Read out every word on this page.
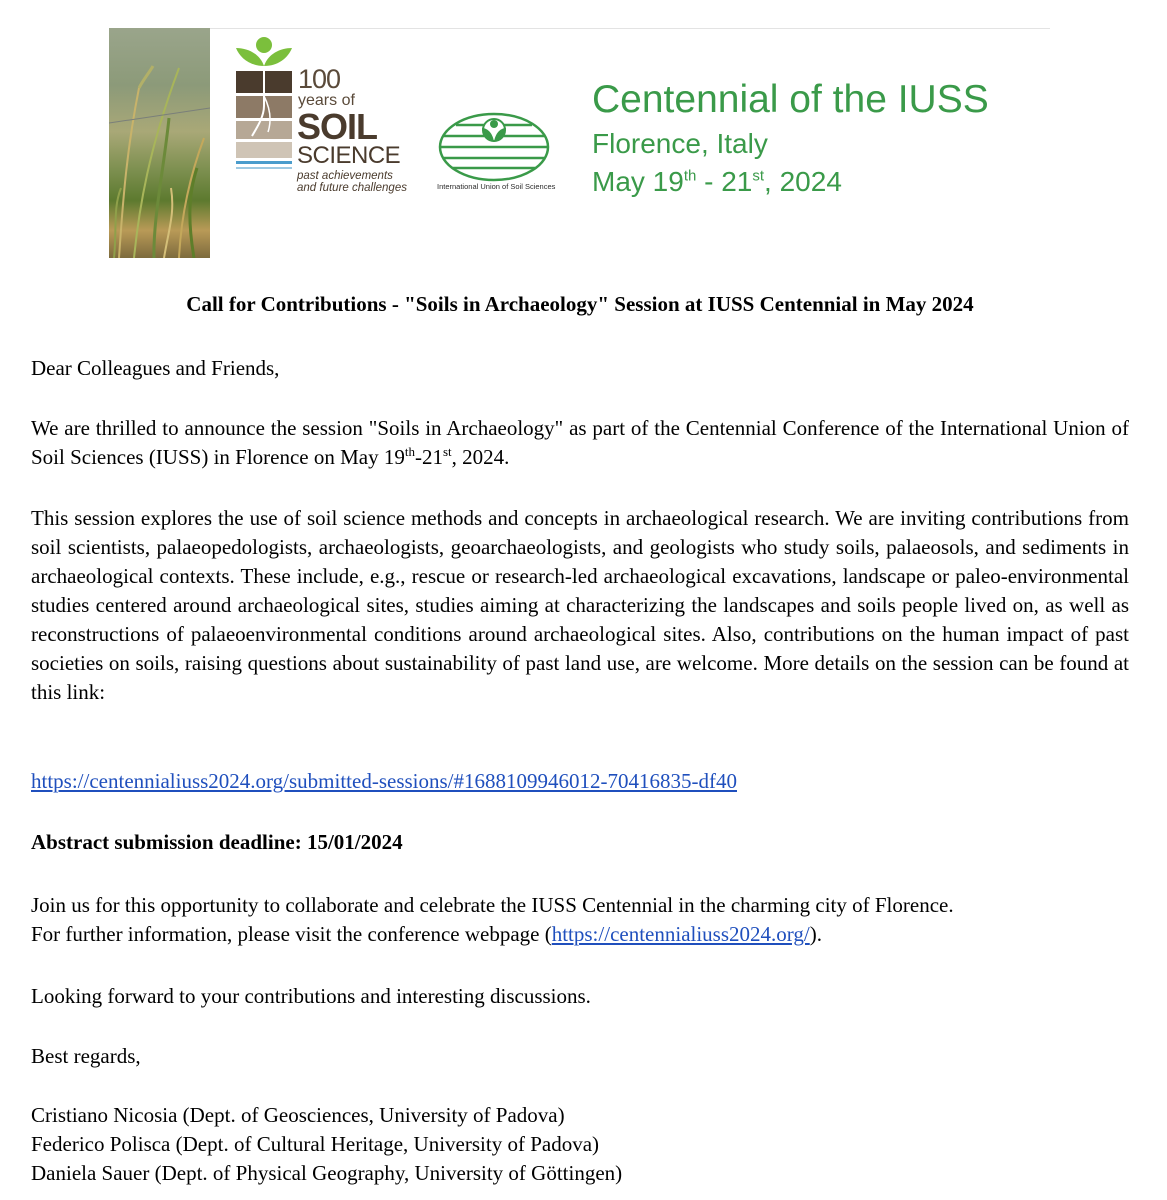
100
years of
SOIL
SCIENCE
past achievements
and future challenges	International Union of Soil Sciences
Centennial of the IUSS
Florence, Italy
May 19th - 21st, 2024
Call for Contributions - "Soils in Archaeology" Session at IUSS Centennial in May 2024
Dear Colleagues and Friends,
We are thrilled to announce the session "Soils in Archaeology" as part of the Centennial Conference of the International Union of Soil Sciences (IUSS) in Florence on May 19th-21st, 2024.
This session explores the use of soil science methods and concepts in archaeological research. We are inviting contributions from soil scientists, palaeopedologists, archaeologists, geoarchaeologists, and geologists who study soils, palaeosols, and sediments in archaeological contexts. These include, e.g., rescue or research-led archaeological excavations, landscape or paleo-environmental studies centered around archaeological sites, studies aiming at characterizing the landscapes and soils people lived on, as well as reconstructions of palaeoenvironmental conditions around archaeological sites. Also, contributions on the human impact of past societies on soils, raising questions about sustainability of past land use, are welcome. More details on the session can be found at this link:
https://centennialiuss2024.org/submitted-sessions/#1688109946012-70416835-df40
Abstract submission deadline: 15/01/2024
Join us for this opportunity to collaborate and celebrate the IUSS Centennial in the charming city of Florence.
For further information, please visit the conference webpage (https://centennialiuss2024.org/).
Looking forward to your contributions and interesting discussions.
Best regards,
Cristiano Nicosia (Dept. of Geosciences, University of Padova)
Federico Polisca (Dept. of Cultural Heritage, University of Padova)
Daniela Sauer (Dept. of Physical Geography, University of Göttingen)
